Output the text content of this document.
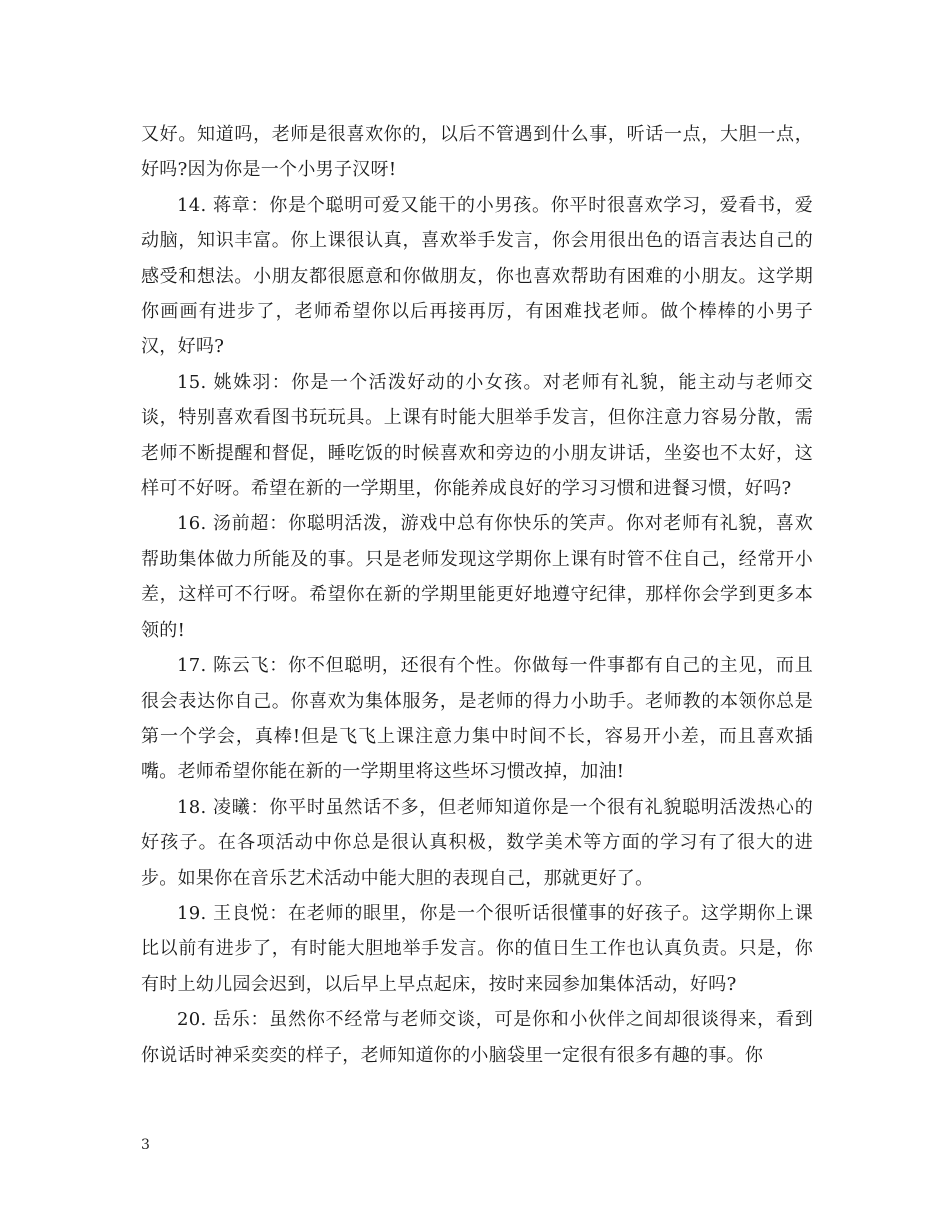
又好。知道吗，老师是很喜欢你的，以后不管遇到什么事，听话一点，大胆一点，好吗?因为你是一个小男子汉呀!

14. 蒋章：你是个聪明可爱又能干的小男孩。你平时很喜欢学习，爱看书，爱动脑，知识丰富。你上课很认真，喜欢举手发言，你会用很出色的语言表达自己的感受和想法。小朋友都很愿意和你做朋友，你也喜欢帮助有困难的小朋友。这学期你画画有进步了，老师希望你以后再接再厉，有困难找老师。做个棒棒的小男子汉，好吗?

15. 姚姝羽：你是一个活泼好动的小女孩。对老师有礼貌，能主动与老师交谈，特别喜欢看图书玩玩具。上课有时能大胆举手发言，但你注意力容易分散，需老师不断提醒和督促，睡吃饭的时候喜欢和旁边的小朋友讲话，坐姿也不太好，这样可不好呀。希望在新的一学期里，你能养成良好的学习习惯和进餐习惯，好吗?

16. 汤前超：你聪明活泼，游戏中总有你快乐的笑声。你对老师有礼貌，喜欢帮助集体做力所能及的事。只是老师发现这学期你上课有时管不住自己，经常开小差，这样可不行呀。希望你在新的学期里能更好地遵守纪律，那样你会学到更多本领的!

17. 陈云飞：你不但聪明，还很有个性。你做每一件事都有自己的主见，而且很会表达你自己。你喜欢为集体服务，是老师的得力小助手。老师教的本领你总是第一个学会，真棒!但是飞飞上课注意力集中时间不长，容易开小差，而且喜欢插嘴。老师希望你能在新的一学期里将这些坏习惯改掉，加油!

18. 凌曦：你平时虽然话不多，但老师知道你是一个很有礼貌聪明活泼热心的好孩子。在各项活动中你总是很认真积极，数学美术等方面的学习有了很大的进步。如果你在音乐艺术活动中能大胆的表现自己，那就更好了。

19. 王良悦：在老师的眼里，你是一个很听话很懂事的好孩子。这学期你上课比以前有进步了，有时能大胆地举手发言。你的值日生工作也认真负责。只是，你有时上幼儿园会迟到，以后早上早点起床，按时来园参加集体活动，好吗?

20. 岳乐：虽然你不经常与老师交谈，可是你和小伙伴之间却很谈得来，看到你说话时神采奕奕的样子，老师知道你的小脑袋里一定很有很多有趣的事。你

3
